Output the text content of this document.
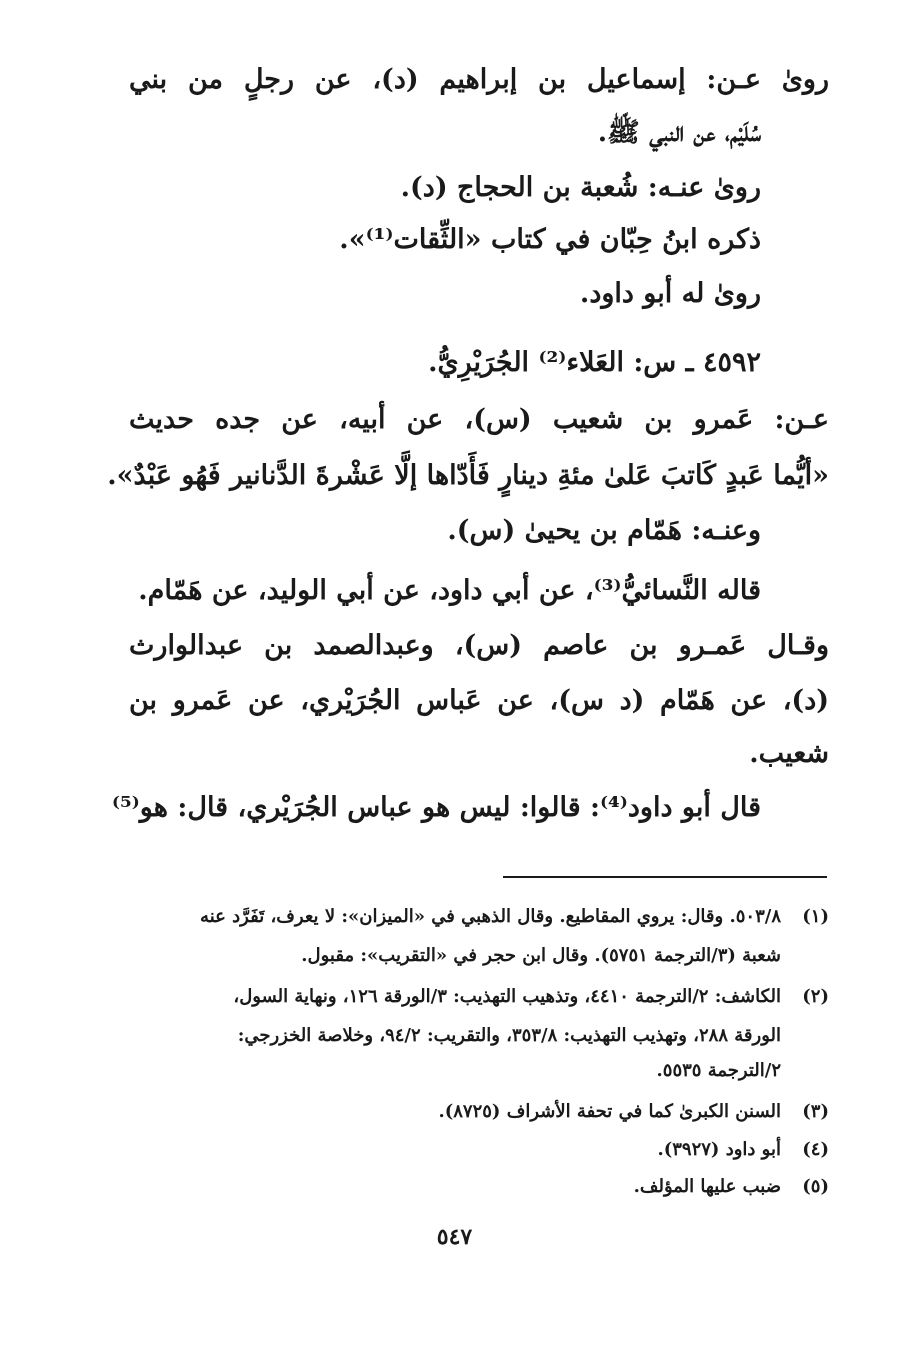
روىٰ عـن: إسماعيل ‌بن إبراهيم (د)، عن رجلٍ من بني
سُلَيْم، عن النبي ﷺ.
روىٰ عنـه: شُعبة بن الحجاج (د).
ذكره ابنُ حِبّان في كتاب «الثِّقات⁽¹⁾».
روىٰ له أبو داود.
٤٥٩٢ ـ س: العَلاء⁽²⁾ الجُرَيْرِيُّ.
عـن: عَمرو بن شعيب (س)، عن أبيه، عن جده حديث
«أيُّما عَبدٍ كَاتبَ عَلىٰ مئةِ دينارٍ فَأَدّاها إلَّا عَشْرةَ الدَّنانير فَهُو عَبْدٌ».
وعنـه: هَمّام بن يحيىٰ (س).
قاله النَّسائيُّ⁽³⁾، عن أبي داود، عن أبي الوليد، عن هَمّام.
وقـال عَمـرو بن عاصم (س)، وعبدالصمد بن عبدالوارث
(د)، عن هَمّام (د س)، عن عَباس الجُرَيْري، عن عَمرو بن
شعيب.
قال أبو داود⁽⁴⁾: قالوا: ليس هو عباس الجُرَيْري، قال: هو⁽⁵⁾
(١)٥٠٣/٨. وقال: يروي المقاطيع. وقال الذهبي في «الميزان»: لا يعرف، تَفَرَّد عنه
شعبة (٣/الترجمة ٥٧٥١). وقال ابن حجر في «التقريب»: مقبول.
(٢)الكاشف: ٢/الترجمة ٤٤١٠، وتذهيب التهذيب: ٣/الورقة ١٢٦، ونهاية السول،
الورقة ٢٨٨، وتهذيب التهذيب: ٣٥٣/٨، والتقريب: ٩٤/٢، وخلاصة الخزرجي:
٢/الترجمة ٥٥٣٥.
(٣)السنن الكبرىٰ كما في تحفة الأشراف (٨٧٢٥).
(٤)أبو داود (٣٩٢٧).
(٥)ضبب عليها المؤلف.
٥٤٧
